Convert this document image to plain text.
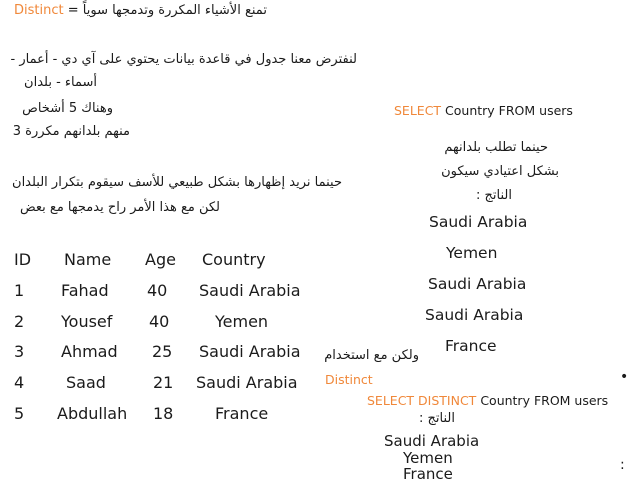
Distinct = تمنع الأشياء المكررة وتدمجها سوياً
لنفترض معنا جدول في قاعدة بيانات يحتوي على آي دي - أعمار -
أسماء - بلدان
وهناك 5 أشخاص
منهم بلدانهم مكررة 3
حينما نريد إظهارها بشكل طبيعي للأسف سيقوم بتكرار البلدان
لكن مع هذا الأمر راح يدمجها مع بعض
ID Name Age Country
1 Fahad 40 Saudi Arabia
2 Yousef 40	Yemen
3 Ahmad 25 Saudi Arabia
4	Saad	21 Saudi Arabia
5 Abdullah 18	France
SELECT Country FROM users
حينما تطلب بلدانهم
بشكل اعتيادي سيكون
الناتج :
Saudi Arabia
Yemen
Saudi Arabia
Saudi Arabia
France
ولكن مع استخدام
Distinct
SELECT DISTINCT Country FROM users
الناتج :
Saudi Arabia
Yemen
France
•
:
